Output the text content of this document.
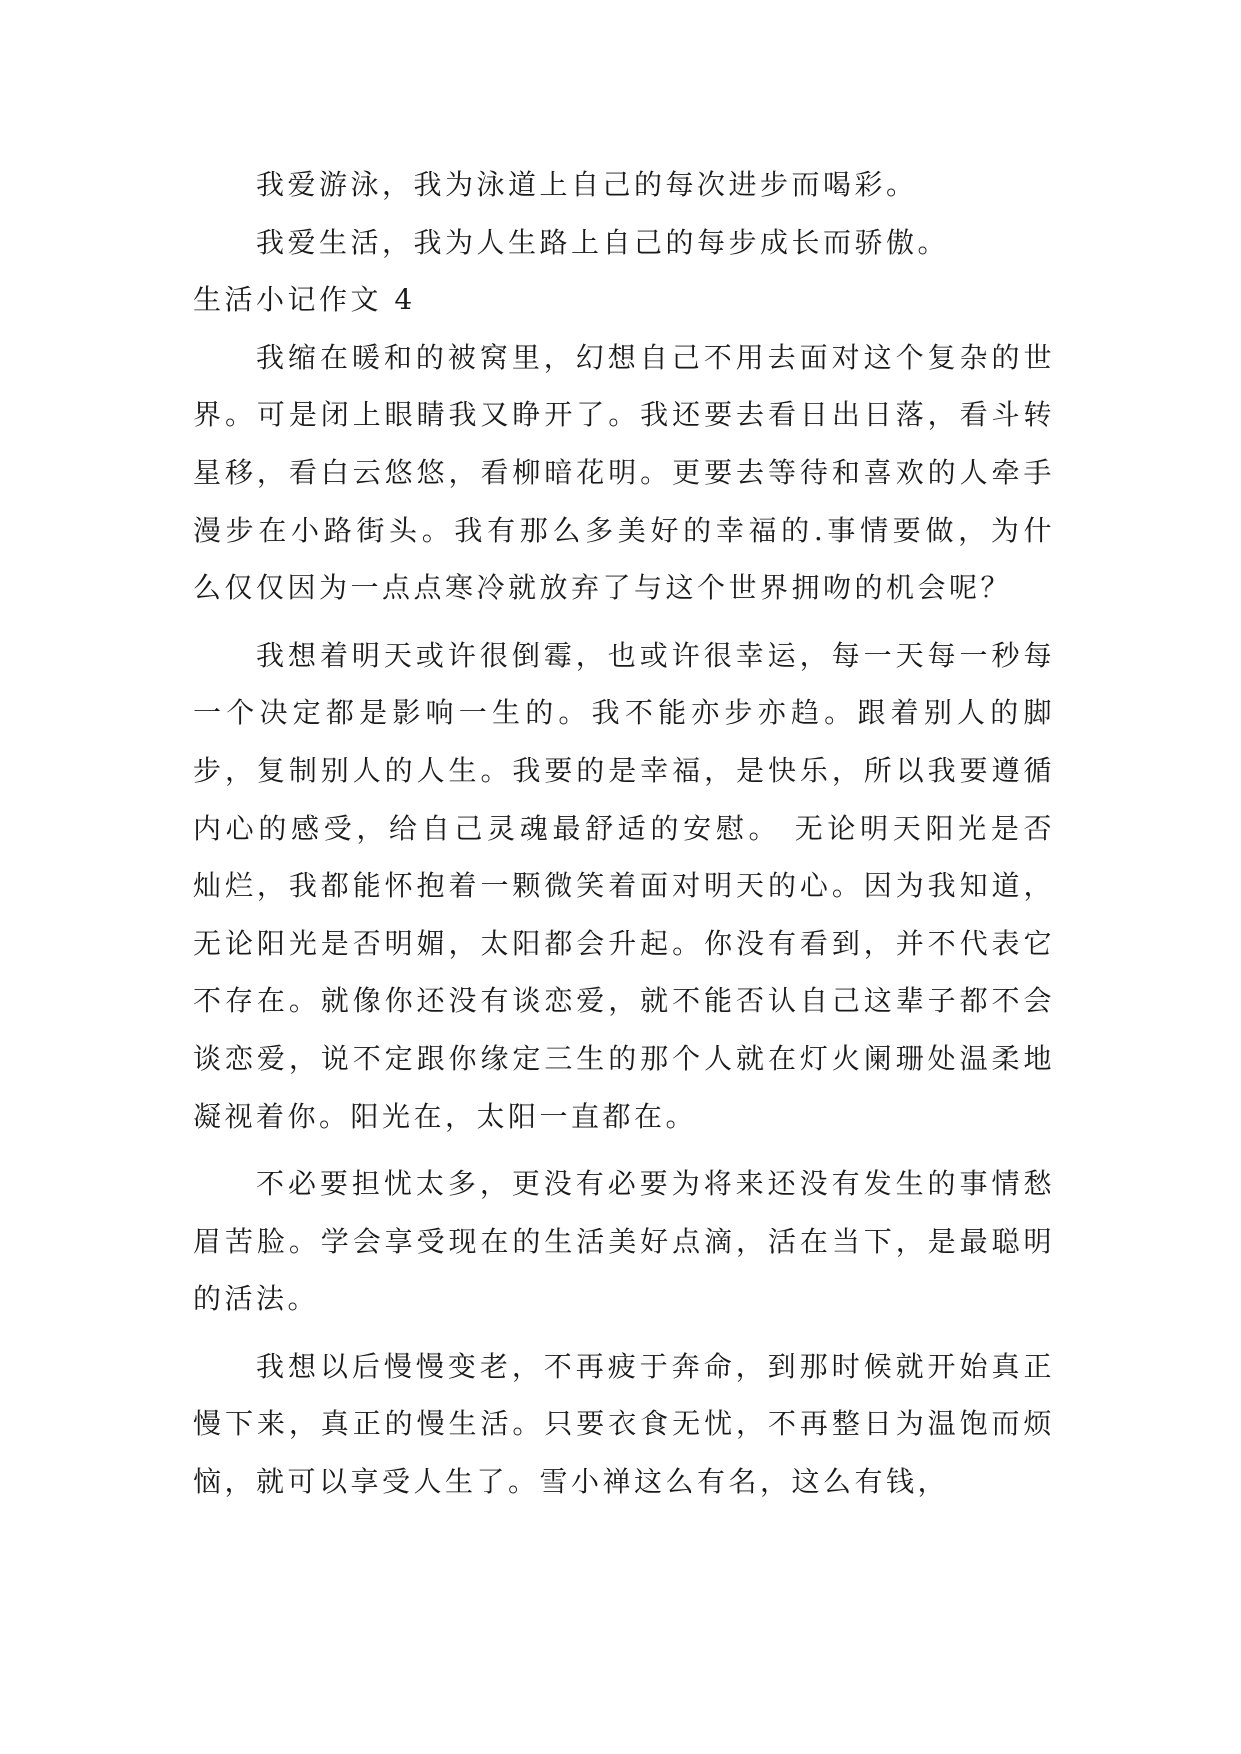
我爱游泳，我为泳道上自己的每次进步而喝彩。

我爱生活，我为人生路上自己的每步成长而骄傲。

生活小记作文 4

我缩在暖和的被窝里，幻想自己不用去面对这个复杂的世界。可是闭上眼睛我又睁开了。我还要去看日出日落，看斗转星移，看白云悠悠，看柳暗花明。更要去等待和喜欢的人牵手漫步在小路街头。我有那么多美好的幸福的.事情要做，为什么仅仅因为一点点寒冷就放弃了与这个世界拥吻的机会呢？

我想着明天或许很倒霉，也或许很幸运，每一天每一秒每一个决定都是影响一生的。我不能亦步亦趋。跟着别人的脚步，复制别人的人生。我要的是幸福，是快乐，所以我要遵循内心的感受，给自己灵魂最舒适的安慰。 无论明天阳光是否灿烂，我都能怀抱着一颗微笑着面对明天的心。因为我知道，无论阳光是否明媚，太阳都会升起。你没有看到，并不代表它不存在。就像你还没有谈恋爱，就不能否认自己这辈子都不会谈恋爱，说不定跟你缘定三生的那个人就在灯火阑珊处温柔地凝视着你。阳光在，太阳一直都在。

不必要担忧太多，更没有必要为将来还没有发生的事情愁眉苦脸。学会享受现在的生活美好点滴，活在当下，是最聪明的活法。

我想以后慢慢变老，不再疲于奔命，到那时候就开始真正慢下来，真正的慢生活。只要衣食无忧，不再整日为温饱而烦恼，就可以享受人生了。雪小禅这么有名，这么有钱，
